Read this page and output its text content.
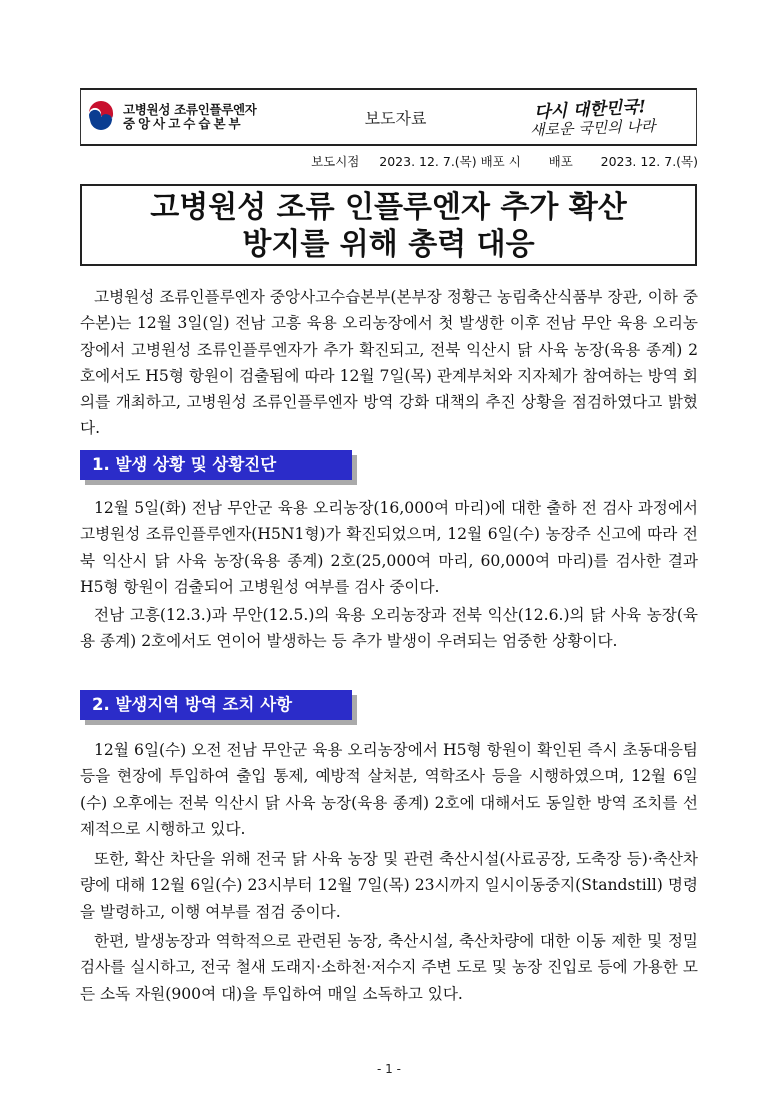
고병원성 조류인플루엔자
중앙사고수습본부	보도자료	다시 대한민국!
새로운 국민의 나라
보도시점
2023. 12. 7.(목) 배포 시
배포
2023. 12. 7.(목)
고병원성 조류 인플루엔자 추가 확산
방지를 위해 총력 대응

고병원성 조류인플루엔자 중앙사고수습본부(본부장 정황근 농림축산식품부 장관, 이하 중수본)는 12월 3일(일) 전남 고흥 육용 오리농장에서 첫 발생한 이후 전남 무안 육용 오리농장에서 고병원성 조류인플루엔자가 추가 확진되고, 전북 익산시 닭 사육 농장(육용 종계) 2호에서도 H5형 항원이 검출됨에 따라 12월 7일(목) 관계부처와 지자체가 참여하는 방역 회의를 개최하고, 고병원성 조류인플루엔자 방역 강화 대책의 추진 상황을 점검하였다고 밝혔다.

1. 발생 상황 및 상황진단

12월 5일(화) 전남 무안군 육용 오리농장(16,000여 마리)에 대한 출하 전 검사 과정에서 고병원성 조류인플루엔자(H5N1형)가 확진되었으며, 12월 6일(수) 농장주 신고에 따라 전북 익산시 닭 사육 농장(육용 종계) 2호(25,000여 마리, 60,000여 마리)를 검사한 결과 H5형 항원이 검출되어 고병원성 여부를 검사 중이다.

전남 고흥(12.3.)과 무안(12.5.)의 육용 오리농장과 전북 익산(12.6.)의 닭 사육 농장(육용 종계) 2호에서도 연이어 발생하는 등 추가 발생이 우려되는 엄중한 상황이다.

2. 발생지역 방역 조치 사항

12월 6일(수) 오전 전남 무안군 육용 오리농장에서 H5형 항원이 확인된 즉시 초동대응팀 등을 현장에 투입하여 출입 통제, 예방적 살처분, 역학조사 등을 시행하였으며, 12월 6일(수) 오후에는 전북 익산시 닭 사육 농장(육용 종계) 2호에 대해서도 동일한 방역 조치를 선제적으로 시행하고 있다.

또한, 확산 차단을 위해 전국 닭 사육 농장 및 관련 축산시설(사료공장, 도축장 등)·축산차량에 대해 12월 6일(수) 23시부터 12월 7일(목) 23시까지 일시이동중지(Standstill) 명령을 발령하고, 이행 여부를 점검 중이다.

한편, 발생농장과 역학적으로 관련된 농장, 축산시설, 축산차량에 대한 이동 제한 및 정밀검사를 실시하고, 전국 철새 도래지·소하천·저수지 주변 도로 및 농장 진입로 등에 가용한 모든 소독 자원(900여 대)을 투입하여 매일 소독하고 있다.

- 1 -
